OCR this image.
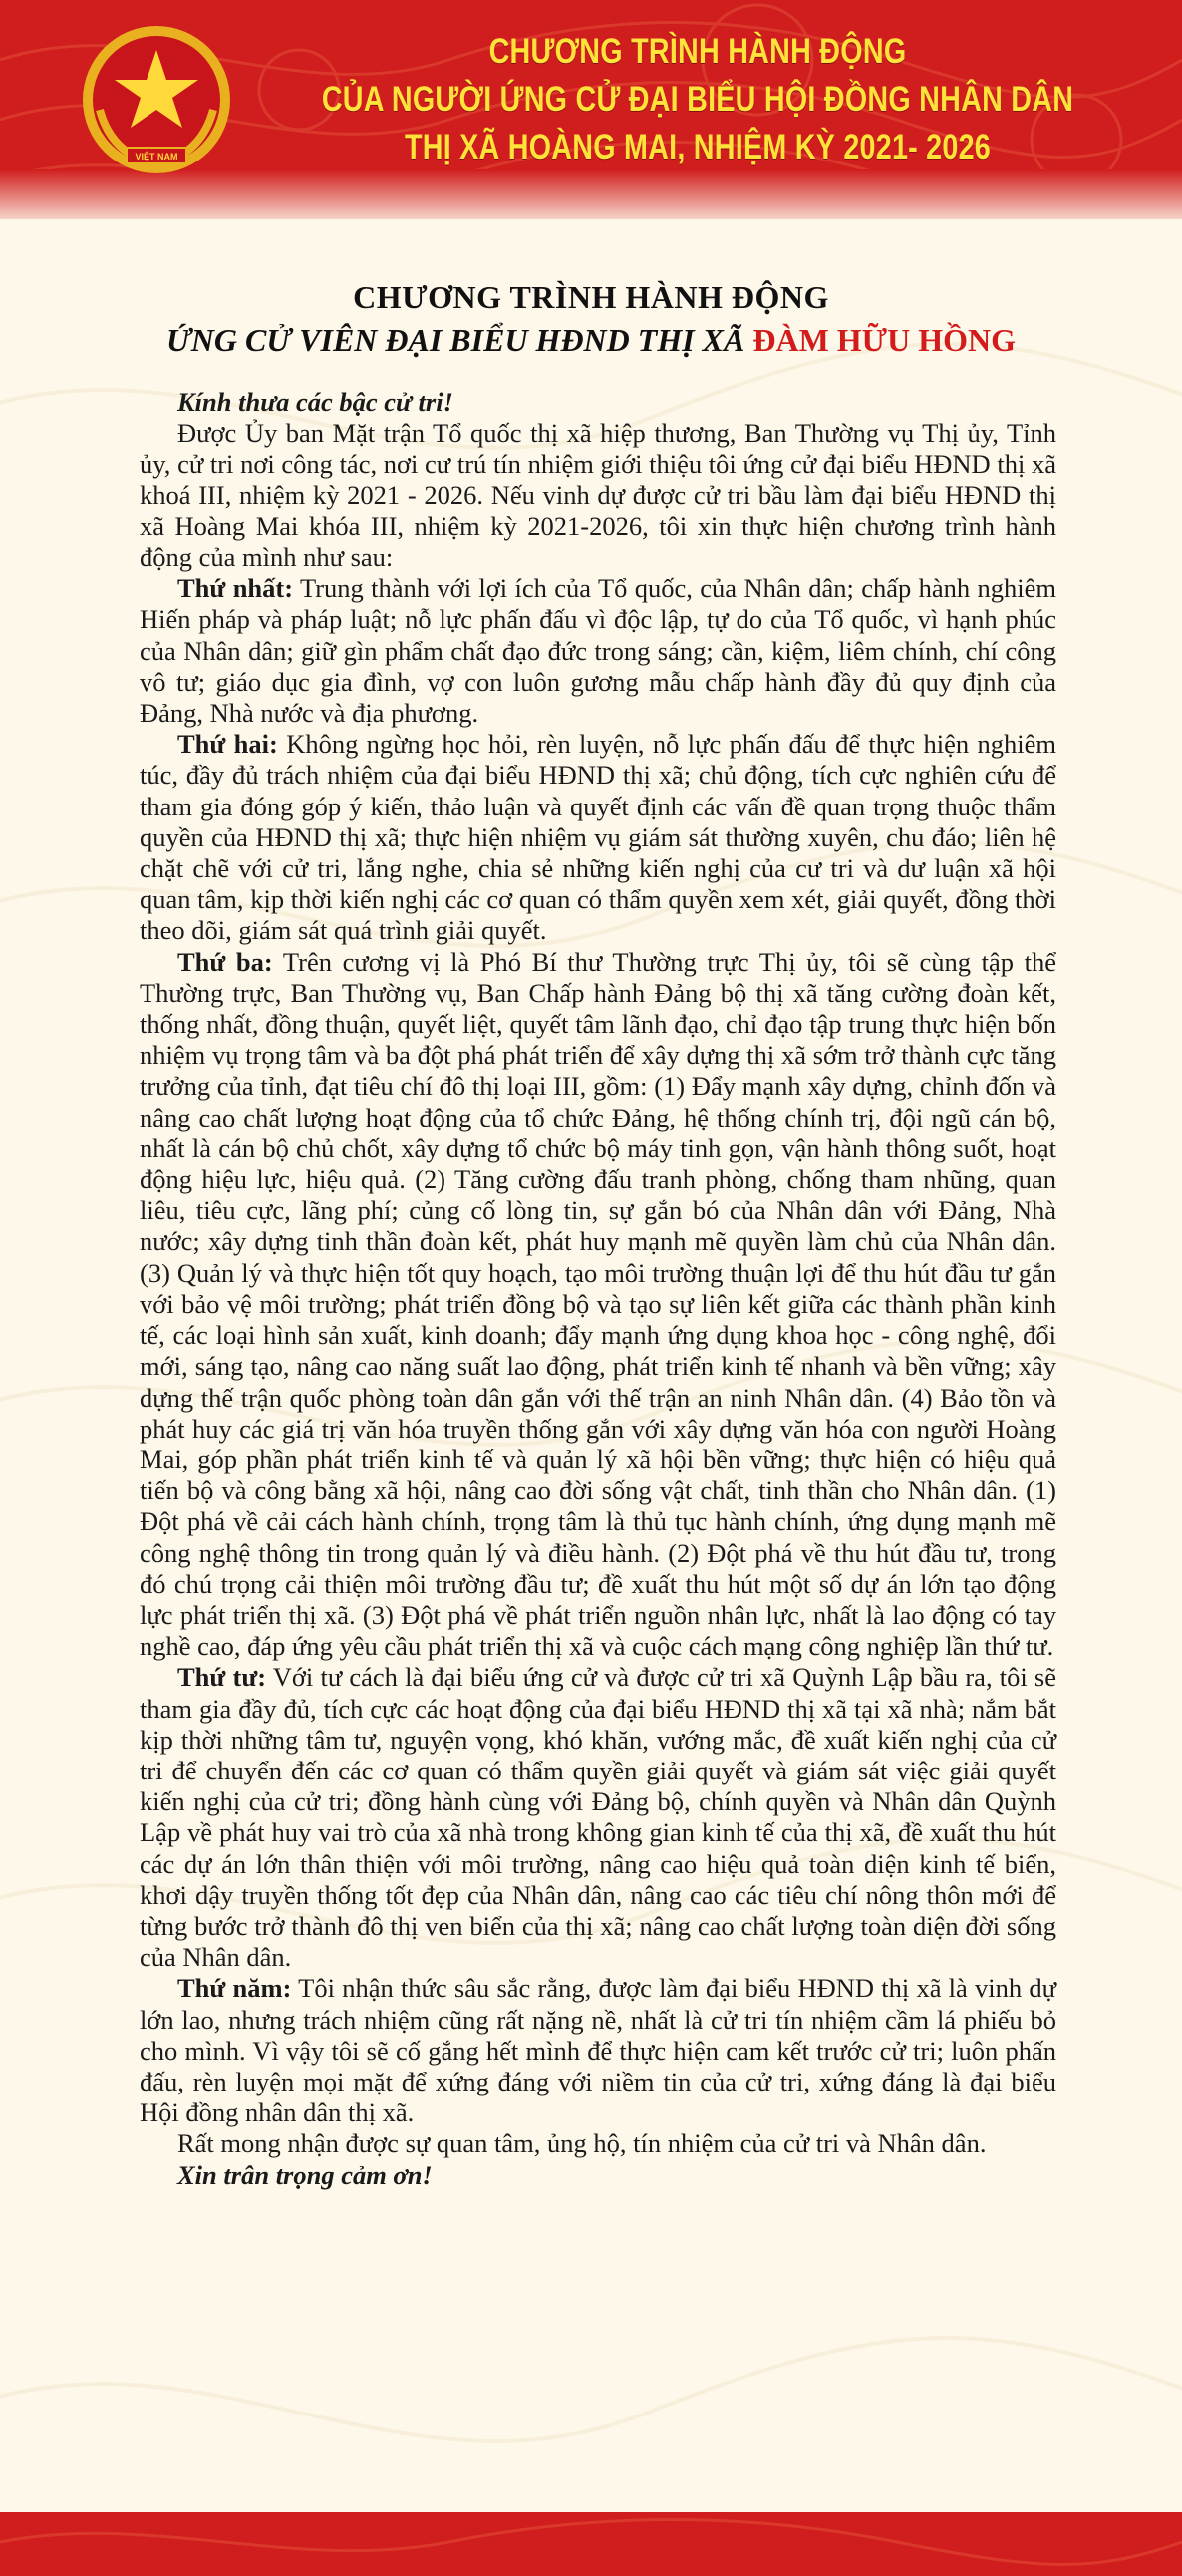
VIỆT NAM
CHƯƠNG TRÌNH HÀNH ĐỘNG
CỦA NGƯỜI ỨNG CỬ ĐẠI BIỂU HỘI ĐỒNG NHÂN DÂN
THỊ XÃ HOÀNG MAI, NHIỆM KỲ 2021- 2026
CHƯƠNG TRÌNH HÀNH ĐỘNG
ỨNG CỬ VIÊN ĐẠI BIỂU HĐND THỊ XÃ ĐÀM HỮU HỒNG

Kính thưa các bậc cử tri!

Được Ủy ban Mặt trận Tổ quốc thị xã hiệp thương, Ban Thường vụ Thị ủy, Tỉnh ủy, cử tri nơi công tác, nơi cư trú tín nhiệm giới thiệu tôi ứng cử đại biểu HĐND thị xã khoá III, nhiệm kỳ 2021 - 2026. Nếu vinh dự được cử tri bầu làm đại biểu HĐND thị xã Hoàng Mai khóa III, nhiệm kỳ 2021-2026, tôi xin thực hiện chương trình hành động của mình như sau:

Thứ nhất: Trung thành với lợi ích của Tổ quốc, của Nhân dân; chấp hành nghiêm Hiến pháp và pháp luật; nỗ lực phấn đấu vì độc lập, tự do của Tổ quốc, vì hạnh phúc của Nhân dân; giữ gìn phẩm chất đạo đức trong sáng; cần, kiệm, liêm chính, chí công vô tư; giáo dục gia đình, vợ con luôn gương mẫu chấp hành đầy đủ quy định của Đảng, Nhà nước và địa phương.

Thứ hai: Không ngừng học hỏi, rèn luyện, nỗ lực phấn đấu để thực hiện nghiêm túc, đầy đủ trách nhiệm của đại biểu HĐND thị xã; chủ động, tích cực nghiên cứu để tham gia đóng góp ý kiến, thảo luận và quyết định các vấn đề quan trọng thuộc thẩm quyền của HĐND thị xã; thực hiện nhiệm vụ giám sát thường xuyên, chu đáo; liên hệ chặt chẽ với cử tri, lắng nghe, chia sẻ những kiến nghị của cư tri và dư luận xã hội quan tâm, kịp thời kiến nghị các cơ quan có thẩm quyền xem xét, giải quyết, đồng thời theo dõi, giám sát quá trình giải quyết.

Thứ ba: Trên cương vị là Phó Bí thư Thường trực Thị ủy, tôi sẽ cùng tập thể Thường trực, Ban Thường vụ, Ban Chấp hành Đảng bộ thị xã tăng cường đoàn kết, thống nhất, đồng thuận, quyết liệt, quyết tâm lãnh đạo, chỉ đạo tập trung thực hiện bốn nhiệm vụ trọng tâm và ba đột phá phát triển để xây dựng thị xã sớm trở thành cực tăng trưởng của tỉnh, đạt tiêu chí đô thị loại III, gồm: (1) Đẩy mạnh xây dựng, chỉnh đốn và nâng cao chất lượng hoạt động của tổ chức Đảng, hệ thống chính trị, đội ngũ cán bộ, nhất là cán bộ chủ chốt, xây dựng tổ chức bộ máy tinh gọn, vận hành thông suốt, hoạt động hiệu lực, hiệu quả. (2) Tăng cường đấu tranh phòng, chống tham nhũng, quan liêu, tiêu cực, lãng phí; củng cố lòng tin, sự gắn bó của Nhân dân với Đảng, Nhà nước; xây dựng tinh thần đoàn kết, phát huy mạnh mẽ quyền làm chủ của Nhân dân. (3) Quản lý và thực hiện tốt quy hoạch, tạo môi trường thuận lợi để thu hút đầu tư gắn với bảo vệ môi trường; phát triển đồng bộ và tạo sự liên kết giữa các thành phần kinh tế, các loại hình sản xuất, kinh doanh; đẩy mạnh ứng dụng khoa học - công nghệ, đổi mới, sáng tạo, nâng cao năng suất lao động, phát triển kinh tế nhanh và bền vững; xây dựng thế trận quốc phòng toàn dân gắn với thế trận an ninh Nhân dân. (4) Bảo tồn và phát huy các giá trị văn hóa truyền thống gắn với xây dựng văn hóa con người Hoàng Mai, góp phần phát triển kinh tế và quản lý xã hội bền vững; thực hiện có hiệu quả tiến bộ và công bằng xã hội, nâng cao đời sống vật chất, tinh thần cho Nhân dân. (1) Đột phá về cải cách hành chính, trọng tâm là thủ tục hành chính, ứng dụng mạnh mẽ công nghệ thông tin trong quản lý và điều hành. (2) Đột phá về thu hút đầu tư, trong đó chú trọng cải thiện môi trường đầu tư; đề xuất thu hút một số dự án lớn tạo động lực phát triển thị xã. (3) Đột phá về phát triển nguồn nhân lực, nhất là lao động có tay nghề cao, đáp ứng yêu cầu phát triển thị xã và cuộc cách mạng công nghiệp lần thứ tư.

Thứ tư: Với tư cách là đại biểu ứng cử và được cử tri xã Quỳnh Lập bầu ra, tôi sẽ tham gia đầy đủ, tích cực các hoạt động của đại biểu HĐND thị xã tại xã nhà; nắm bắt kịp thời những tâm tư, nguyện vọng, khó khăn, vướng mắc, đề xuất kiến nghị của cử tri để chuyển đến các cơ quan có thẩm quyền giải quyết và giám sát việc giải quyết kiến nghị của cử tri; đồng hành cùng với Đảng bộ, chính quyền và Nhân dân Quỳnh Lập về phát huy vai trò của xã nhà trong không gian kinh tế của thị xã, đề xuất thu hút các dự án lớn thân thiện với môi trường, nâng cao hiệu quả toàn diện kinh tế biển, khơi dậy truyền thống tốt đẹp của Nhân dân, nâng cao các tiêu chí nông thôn mới để từng bước trở thành đô thị ven biển của thị xã; nâng cao chất lượng toàn diện đời sống của Nhân dân.

Thứ năm: Tôi nhận thức sâu sắc rằng, được làm đại biểu HĐND thị xã là vinh dự lớn lao, nhưng trách nhiệm cũng rất nặng nề, nhất là cử tri tín nhiệm cầm lá phiếu bỏ cho mình. Vì vậy tôi sẽ cố gắng hết mình để thực hiện cam kết trước cử tri; luôn phấn đấu, rèn luyện mọi mặt để xứng đáng với niềm tin của cử tri, xứng đáng là đại biểu Hội đồng nhân dân thị xã.

Rất mong nhận được sự quan tâm, ủng hộ, tín nhiệm của cử tri và Nhân dân.

Xin trân trọng cảm ơn!
